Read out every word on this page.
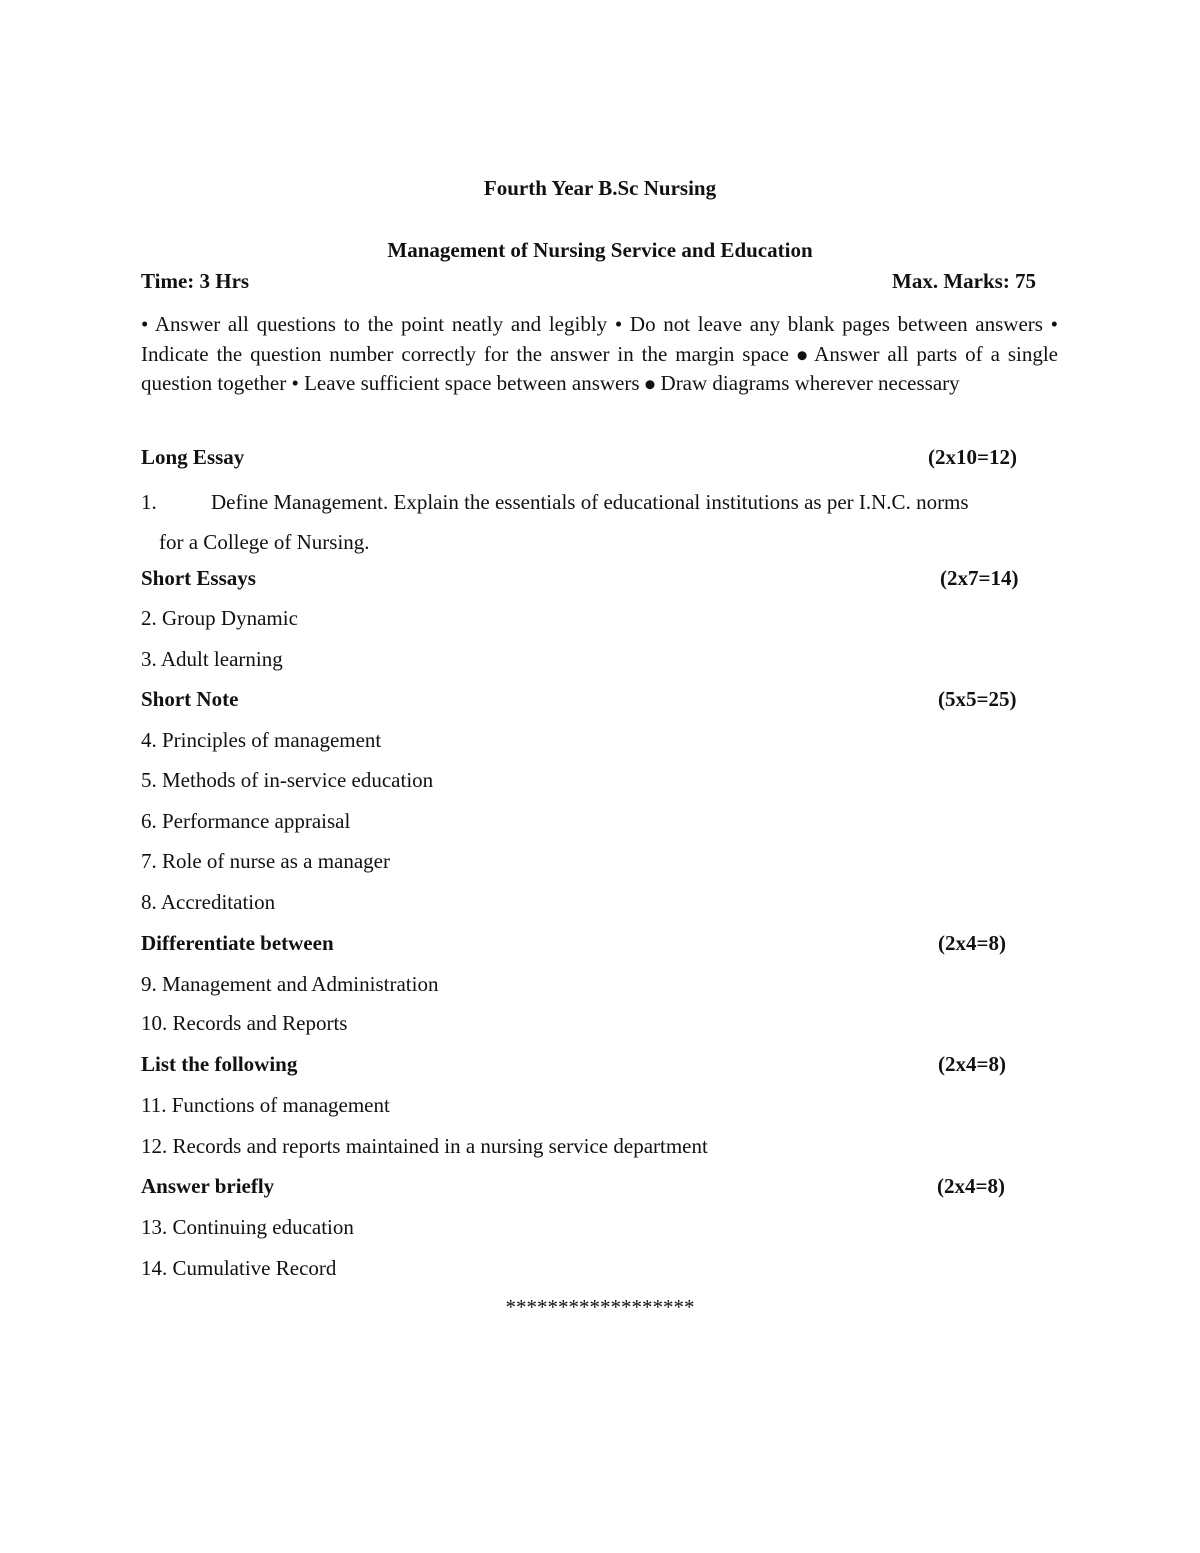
Fourth Year B.Sc Nursing
Management of Nursing Service and Education
Time: 3 Hrs	Max. Marks: 75
• Answer all questions to the point neatly and legibly • Do not leave any blank pages between answers • Indicate the question number correctly for the answer in the margin space ⦁ Answer all parts of a single question together • Leave sufficient space between answers ⦁ Draw diagrams wherever necessary
Long Essay	(2x10=12)
1.	Define Management. Explain the essentials of educational institutions as per I.N.C. norms
for a College of Nursing.
Short Essays	(2x7=14)
2. Group Dynamic
3. Adult learning
Short Note	(5x5=25)
4. Principles of management
5. Methods of in-service education
6. Performance appraisal
7. Role of nurse as a manager
8. Accreditation
Differentiate between	(2x4=8)
9. Management and Administration
10. Records and Reports
List the following	(2x4=8)
11. Functions of management
12. Records and reports maintained in a nursing service department
Answer briefly	(2x4=8)
13. Continuing education
14. Cumulative Record
******************
